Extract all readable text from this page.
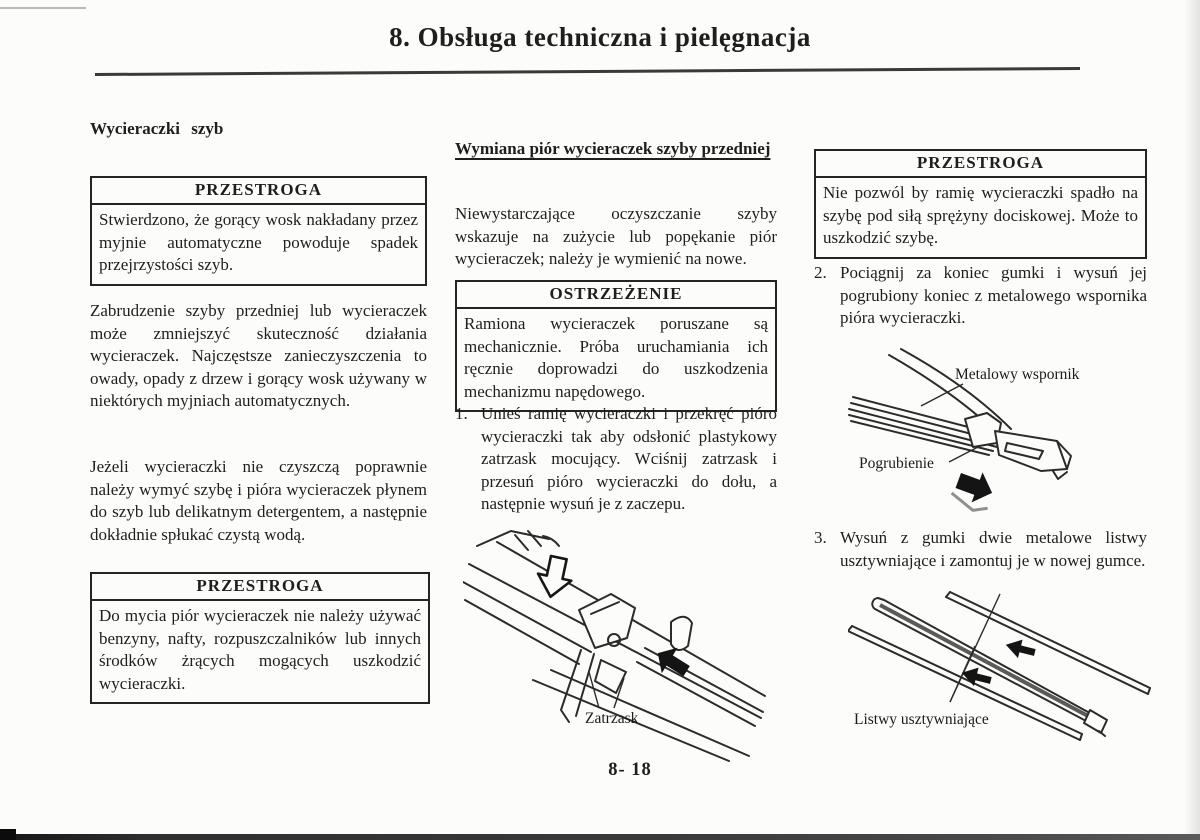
8. Obsługa techniczna i pielęgnacja
Wycieraczki szyb
PRZESTROGA
Stwierdzono, że gorący wosk nakładany przez myjnie automatyczne powoduje spadek przejrzystości szyb.
Zabrudzenie szyby przedniej lub wycieraczek może zmniejszyć skuteczność działania wycieraczek. Najczęstsze zanieczyszczenia to owady, opady z drzew i gorący wosk używany w niektórych myjniach automatycznych.
Jeżeli wycieraczki nie czyszczą poprawnie należy wymyć szybę i pióra wycieraczek płynem do szyb lub delikatnym detergentem, a następnie dokładnie spłukać czystą wodą.
PRZESTROGA
Do mycia piór wycieraczek nie należy używać benzyny, nafty, rozpuszczalników lub innych środków żrących mogących uszkodzić wycieraczki.
Wymiana piór wycieraczek szyby przedniej
Niewystarczające oczyszczanie szyby wskazuje na zużycie lub popękanie piór wycieraczek; należy je wymienić na nowe.
OSTRZEŻENIE
Ramiona wycieraczek poruszane są mechanicznie. Próba uruchamiania ich ręcznie doprowadzi do uszkodzenia mechanizmu napędowego.
1. Unieś ramię wycieraczki i przekręć pióro wycieraczki tak aby odsłonić plastykowy zatrzask mocujący. Wciśnij zatrzask i przesuń pióro wycieraczki do dołu, a następnie wysuń je z zaczepu.
Zatrzask
PRZESTROGA
Nie pozwól by ramię wycieraczki spadło na szybę pod siłą sprężyny dociskowej. Może to uszkodzić szybę.
2. Pociągnij za koniec gumki i wysuń jej pogrubiony koniec z metalowego wspornika pióra wycieraczki.
Metalowy wspornik
Pogrubienie
3. Wysuń z gumki dwie metalowe listwy usztywniające i zamontuj je w nowej gumce.
Listwy usztywniające
8- 18
